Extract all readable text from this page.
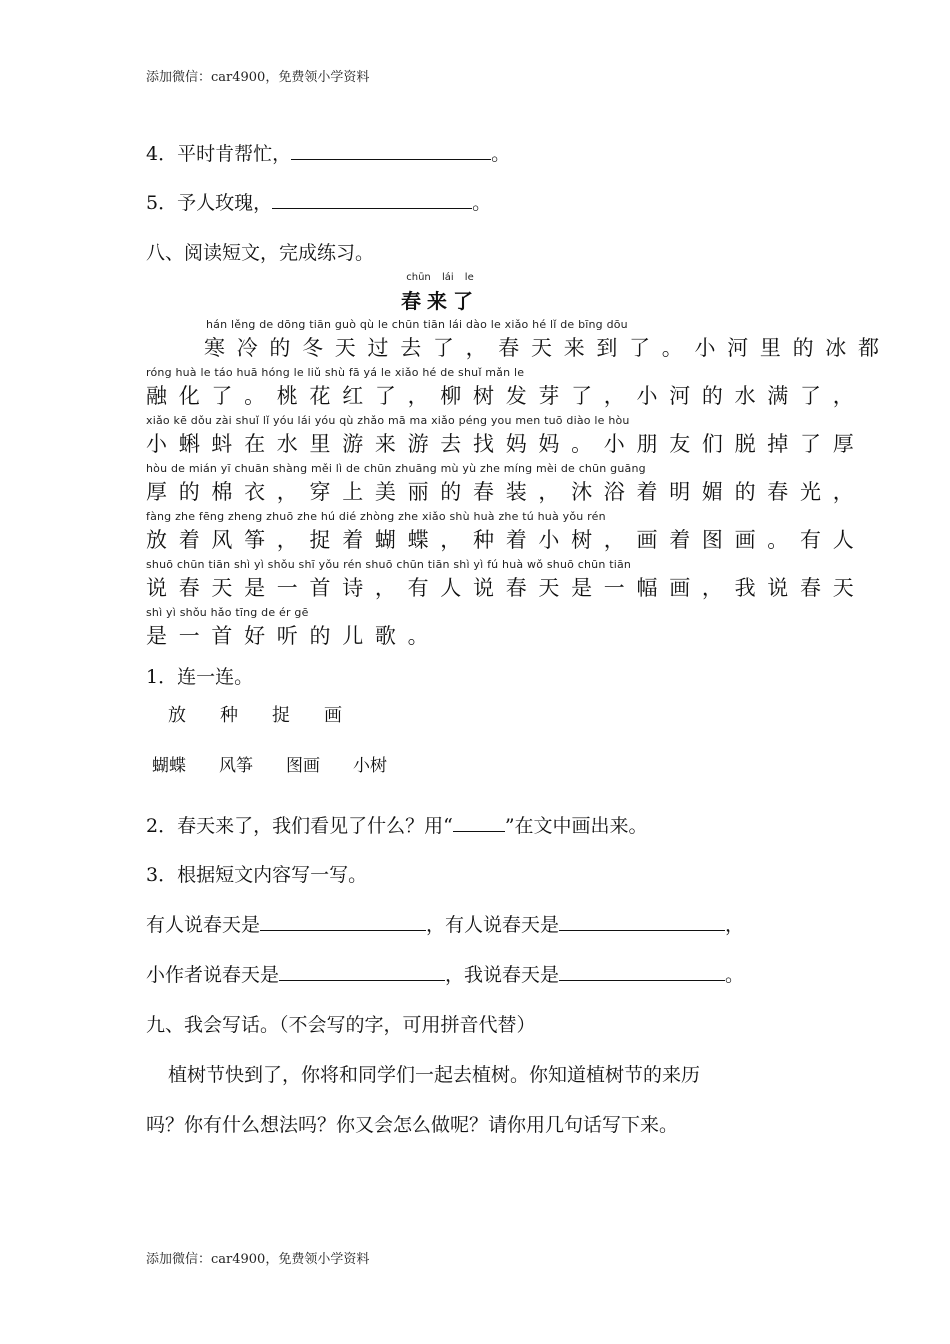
添加微信：car4900，免费领小学资料
4．平时肯帮忙，	。
5．予人玫瑰，	。
八、阅读短文，完成练习。
chūn lái le
春来了
hán lěng de dōng tiān guò qù le chūn tiān lái dào le xiǎo hé lǐ de bīng dōu
寒冷的冬天过去了，春天来到了。小河里的冰都
róng huà le táo huā hóng le liǔ shù fā yá le xiǎo hé de shuǐ mǎn le
融化了。桃花红了，柳树发芽了，小河的水满了，
xiǎo kē dǒu zài shuǐ lǐ yóu lái yóu qù zhǎo mā ma xiǎo péng you men tuō diào le hòu
小蝌蚪在水里游来游去找妈妈。小朋友们脱掉了厚
hòu de mián yī chuān shàng měi lì de chūn zhuāng mù yù zhe míng mèi de chūn guāng
厚的棉衣，穿上美丽的春装，沐浴着明媚的春光，
fàng zhe fēng zheng zhuō zhe hú dié zhòng zhe xiǎo shù huà zhe tú huà yǒu rén
放着风筝，捉着蝴蝶，种着小树，画着图画。有人
shuō chūn tiān shì yì shǒu shī yǒu rén shuō chūn tiān shì yì fú huà wǒ shuō chūn tiān
说春天是一首诗，有人说春天是一幅画，我说春天
shì yì shǒu hǎo tīng de ér gē
是一首好听的儿歌。
1．连一连。
放 种 捉 画
蝴蝶 风筝 图画 小树
2．春天来了，我们看见了什么？用“	”在文中画出来。
3．根据短文内容写一写。
有人说春天是	，有人说春天是	，
小作者说春天是	，我说春天是	。
九、我会写话。（不会写的字，可用拼音代替）
植树节快到了，你将和同学们一起去植树。你知道植树节的来历
吗？你有什么想法吗？你又会怎么做呢？请你用几句话写下来。
添加微信：car4900，免费领小学资料
